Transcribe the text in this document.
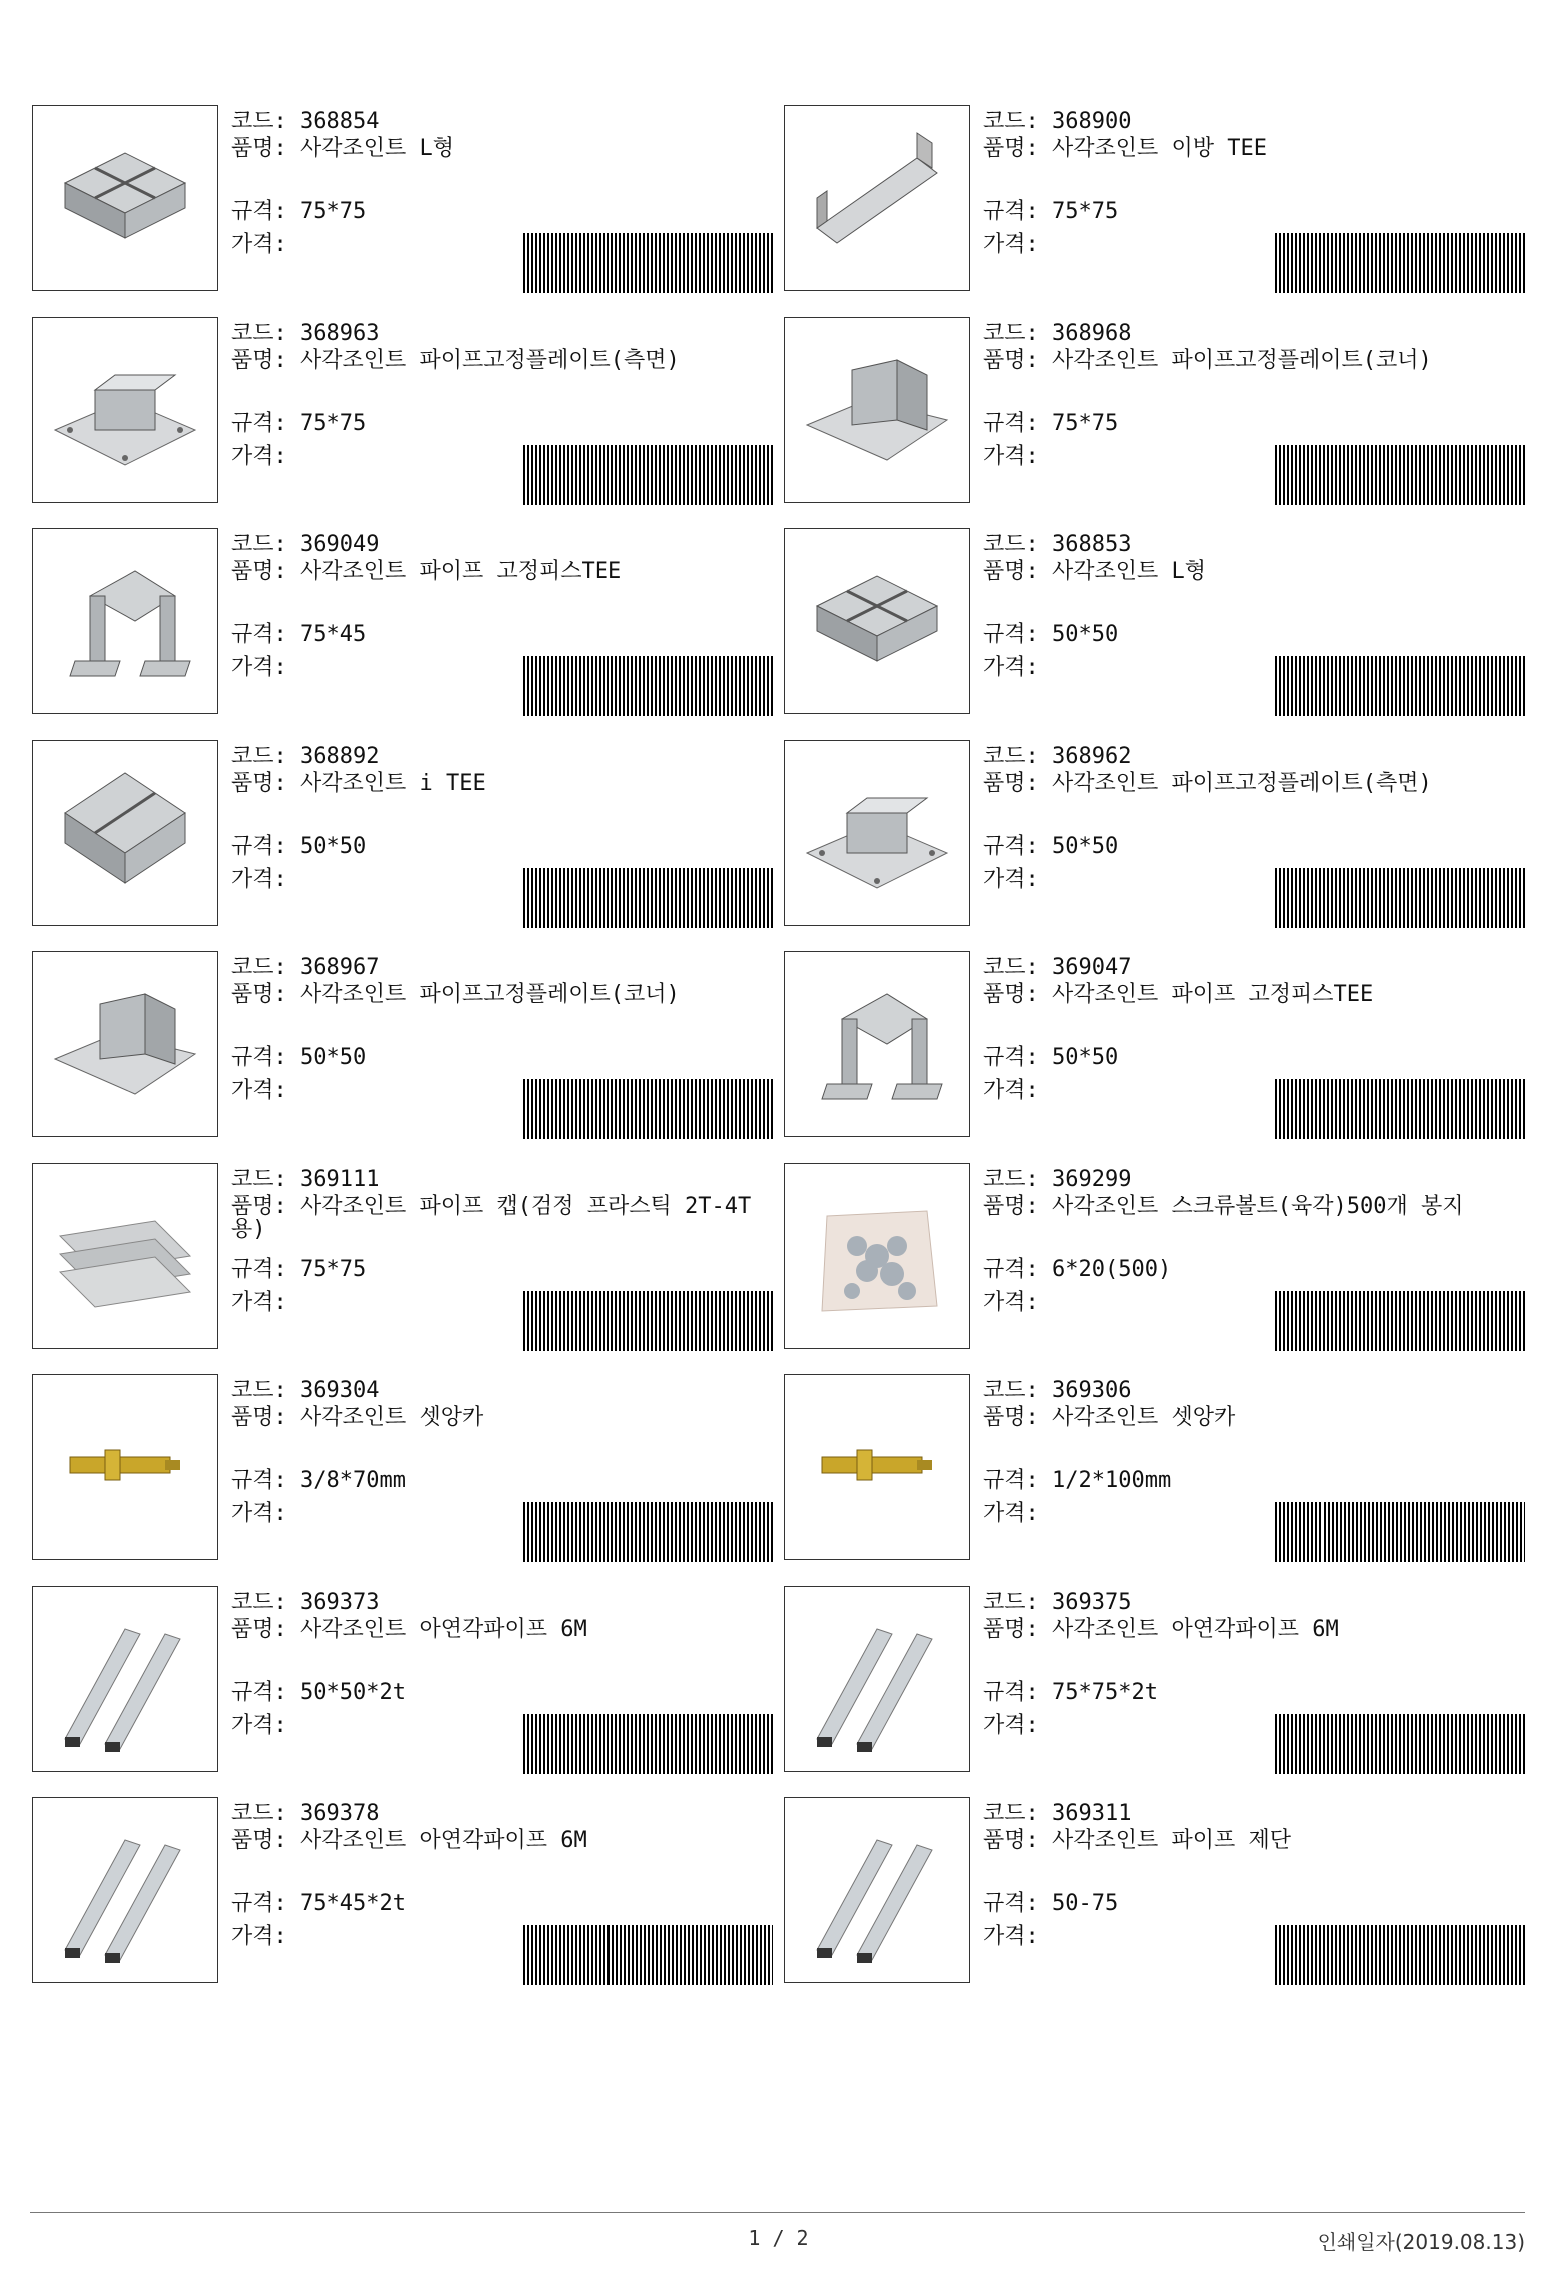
코드: 368854
품명: 사각조인트 L형
규격: 75*75
가격:
코드: 368900
품명: 사각조인트 이방 TEE
규격: 75*75
가격:
코드: 368963
품명: 사각조인트 파이프고정플레이트(측면)
규격: 75*75
가격:
코드: 368968
품명: 사각조인트 파이프고정플레이트(코너)
규격: 75*75
가격:
코드: 369049
품명: 사각조인트 파이프 고정피스TEE
규격: 75*45
가격:
코드: 368853
품명: 사각조인트 L형
규격: 50*50
가격:
코드: 368892
품명: 사각조인트 i TEE
규격: 50*50
가격:
코드: 368962
품명: 사각조인트 파이프고정플레이트(측면)
규격: 50*50
가격:
코드: 368967
품명: 사각조인트 파이프고정플레이트(코너)
규격: 50*50
가격:
코드: 369047
품명: 사각조인트 파이프 고정피스TEE
규격: 50*50
가격:
코드: 369111
품명: 사각조인트 파이프 캡(검정 프라스틱 2T-4T용)
규격: 75*75
가격:
코드: 369299
품명: 사각조인트 스크류볼트(육각)500개 봉지
규격: 6*20(500)
가격:
코드: 369304
품명: 사각조인트 셋앙카
규격: 3/8*70mm
가격:
코드: 369306
품명: 사각조인트 셋앙카
규격: 1/2*100mm
가격:
코드: 369373
품명: 사각조인트 아연각파이프 6M
규격: 50*50*2t
가격:
코드: 369375
품명: 사각조인트 아연각파이프 6M
규격: 75*75*2t
가격:
코드: 369378
품명: 사각조인트 아연각파이프 6M
규격: 75*45*2t
가격:
코드: 369311
품명: 사각조인트 파이프 제단
규격: 50-75
가격:
1 / 2	인쇄일자(2019.08.13)
